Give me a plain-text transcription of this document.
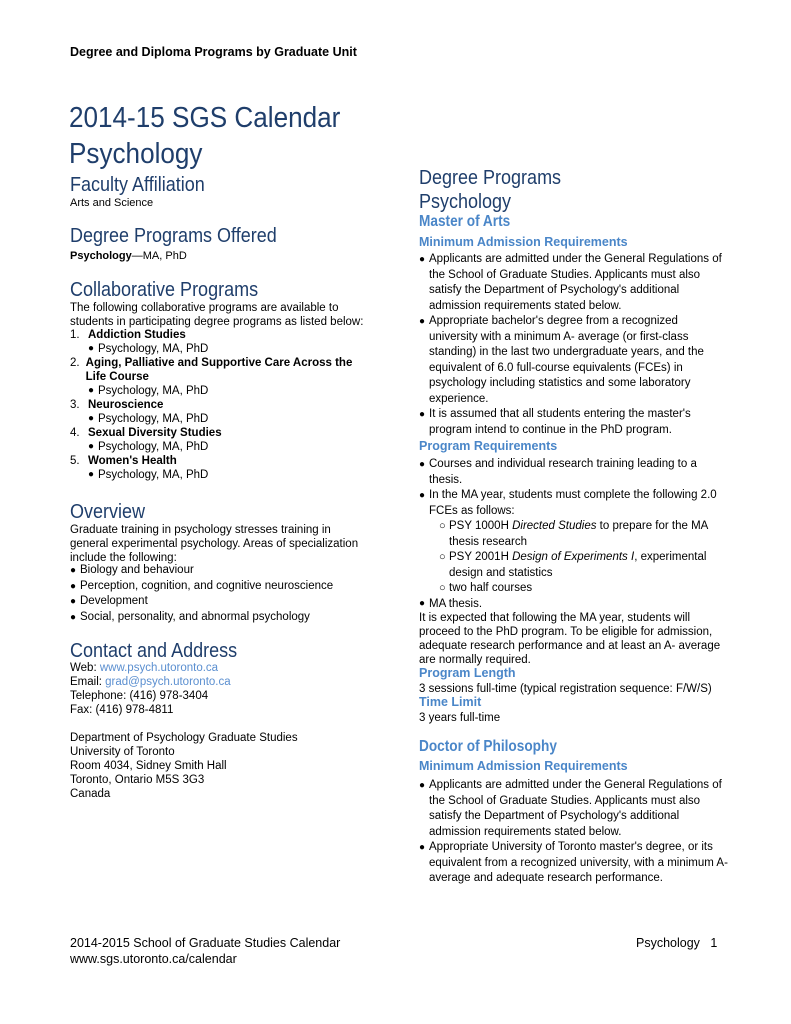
Degree and Diploma Programs by Graduate Unit
2014-15 SGS Calendar
Psychology
Faculty Affiliation
Arts and Science
Degree Programs Offered
Psychology—MA, PhD
Collaborative Programs
The following collaborative programs are available to students in participating degree programs as listed below:
1. Addiction Studies
● Psychology, MA, PhD
2. Aging, Palliative and Supportive Care Across the Life Course
● Psychology, MA, PhD
3. Neuroscience
● Psychology, MA, PhD
4. Sexual Diversity Studies
● Psychology, MA, PhD
5. Women's Health
● Psychology, MA, PhD
Overview
Graduate training in psychology stresses training in general experimental psychology. Areas of specialization include the following:
● Biology and behaviour
● Perception, cognition, and cognitive neuroscience
● Development
● Social, personality, and abnormal psychology
Contact and Address
Web: www.psych.utoronto.ca
Email: grad@psych.utoronto.ca
Telephone: (416) 978-3404
Fax: (416) 978-4811
Department of Psychology Graduate Studies
University of Toronto
Room 4034, Sidney Smith Hall
Toronto, Ontario M5S 3G3
Canada
Degree Programs
Psychology
Master of Arts
Minimum Admission Requirements
● Applicants are admitted under the General Regulations of the School of Graduate Studies. Applicants must also satisfy the Department of Psychology's additional admission requirements stated below.
● Appropriate bachelor's degree from a recognized university with a minimum A- average (or first-class standing) in the last two undergraduate years, and the equivalent of 6.0 full-course equivalents (FCEs) in psychology including statistics and some laboratory experience.
● It is assumed that all students entering the master's program intend to continue in the PhD program.
Program Requirements
● Courses and individual research training leading to a thesis.
● In the MA year, students must complete the following 2.0 FCEs as follows:
○ PSY 1000H Directed Studies to prepare for the MA thesis research
○ PSY 2001H Design of Experiments I, experimental design and statistics
○ two half courses
● MA thesis.
It is expected that following the MA year, students will proceed to the PhD program. To be eligible for admission, adequate research performance and at least an A- average are normally required.
Program Length
3 sessions full-time (typical registration sequence: F/W/S)
Time Limit
3 years full-time
Doctor of Philosophy
Minimum Admission Requirements
● Applicants are admitted under the General Regulations of the School of Graduate Studies. Applicants must also satisfy the Department of Psychology's additional admission requirements stated below.
● Appropriate University of Toronto master's degree, or its equivalent from a recognized university, with a minimum A- average and adequate research performance.
2014-2015 School of Graduate Studies Calendar
www.sgs.utoronto.ca/calendar
Psychology 1
